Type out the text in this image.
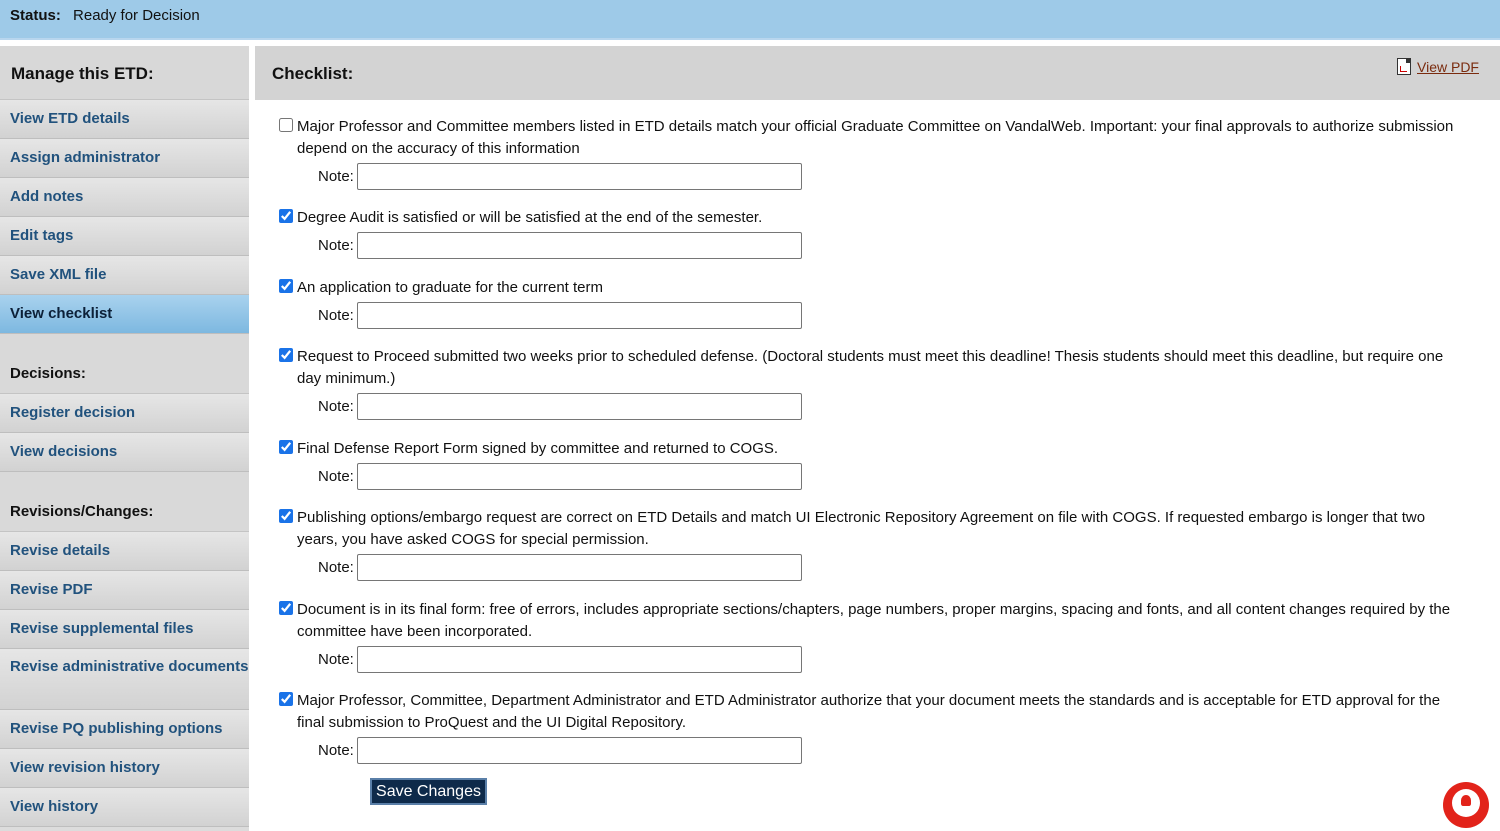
Status: Ready for Decision
Manage this ETD:
View ETD details
Assign administrator
Add notes
Edit tags
Save XML file
View checklist
Decisions:
Register decision
View decisions
Revisions/Changes:
Revise details
Revise PDF
Revise supplemental files
Revise administrative documents
Revise PQ publishing options
View revision history
View history
Checklist:	View PDF
Major Professor and Committee members listed in ETD details match your official Graduate Committee on VandalWeb. Important: your final approvals to authorize submission depend on the accuracy of this information
Note:
Degree Audit is satisfied or will be satisfied at the end of the semester.
Note:
An application to graduate for the current term
Note:
Request to Proceed submitted two weeks prior to scheduled defense. (Doctoral students must meet this deadline! Thesis students should meet this deadline, but require one day minimum.)
Note:
Final Defense Report Form signed by committee and returned to COGS.
Note:
Publishing options/embargo request are correct on ETD Details and match UI Electronic Repository Agreement on file with COGS. If requested embargo is longer that two years, you have asked COGS for special permission.
Note:
Document is in its final form: free of errors, includes appropriate sections/chapters, page numbers, proper margins, spacing and fonts, and all content changes required by the committee have been incorporated.
Note:
Major Professor, Committee, Department Administrator and ETD Administrator authorize that your document meets the standards and is acceptable for ETD approval for the final submission to ProQuest and the UI Digital Repository.
Note:
Save Changes
